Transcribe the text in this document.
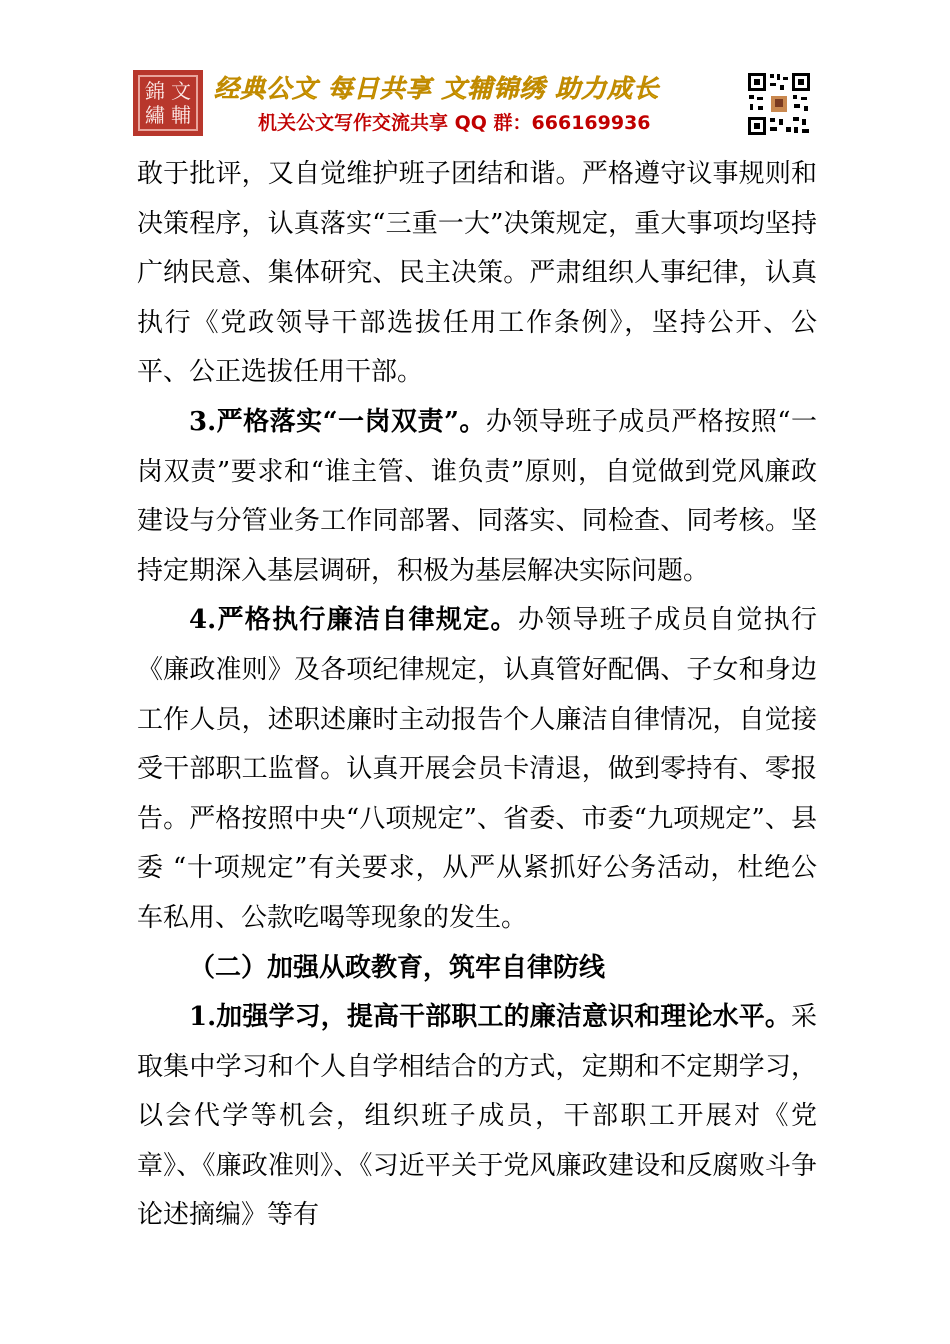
錦 文
繡 輔
经典公文 每日共享 文辅锦绣 助力成长
机关公文写作交流共享 QQ 群：666169936

敢于批评，又自觉维护班子团结和谐。严格遵守议事规则和决策程序，认真落实“三重一大”决策规定，重大事项均坚持广纳民意、集体研究、民主决策。严肃组织人事纪律，认真执行《党政领导干部选拔任用工作条例》，坚持公开、公平、公正选拔任用干部。

3.严格落实“一岗双责”。办领导班子成员严格按照“一岗双责”要求和“谁主管、谁负责”原则，自觉做到党风廉政建设与分管业务工作同部署、同落实、同检查、同考核。坚持定期深入基层调研，积极为基层解决实际问题。

4.严格执行廉洁自律规定。办领导班子成员自觉执行《廉政准则》及各项纪律规定，认真管好配偶、子女和身边工作人员，述职述廉时主动报告个人廉洁自律情况，自觉接受干部职工监督。认真开展会员卡清退，做到零持有、零报告。严格按照中央“八项规定”、省委、市委“九项规定”、县委 “十项规定”有关要求，从严从紧抓好公务活动，杜绝公车私用、公款吃喝等现象的发生。

（二）加强从政教育，筑牢自律防线

1.加强学习，提高干部职工的廉洁意识和理论水平。采取集中学习和个人自学相结合的方式，定期和不定期学习，以会代学等机会，组织班子成员，干部职工开展对《党章》、《廉政准则》、《习近平关于党风廉政建设和反腐败斗争论述摘编》等有
